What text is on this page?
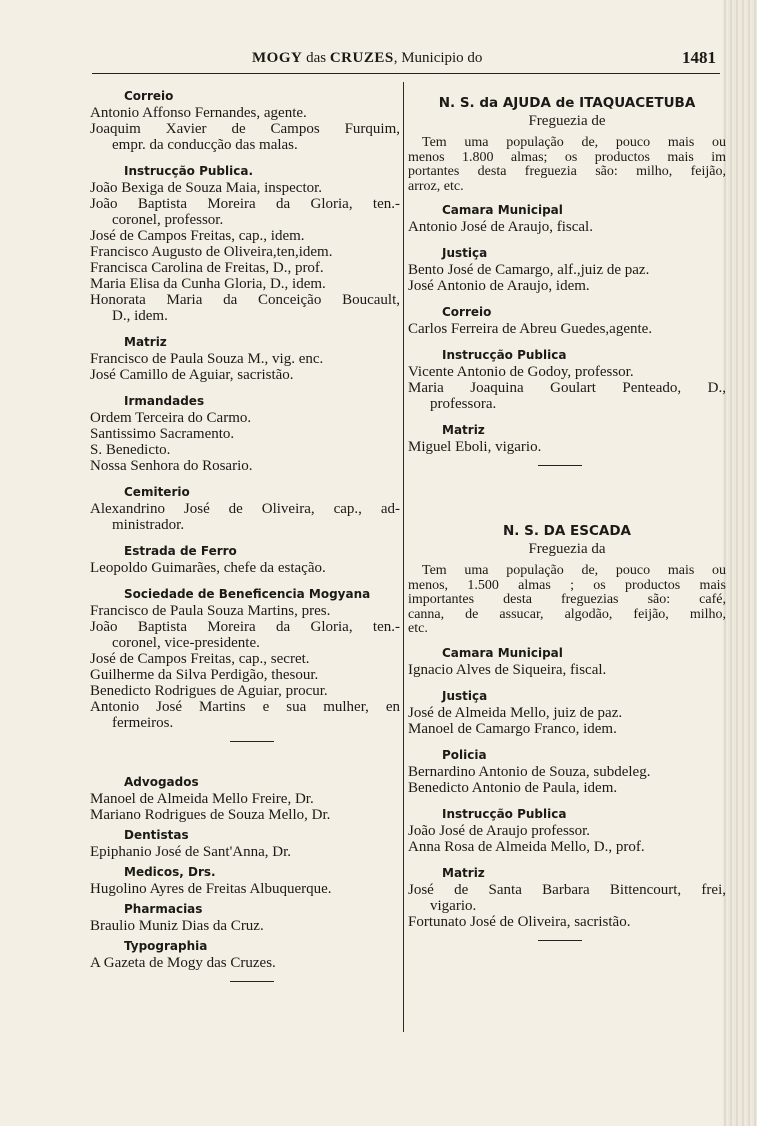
MOGY das CRUZES, Municipio do	1481
Correio
Antonio Affonso Fernandes, agente.
Joaquim Xavier de Campos Furquim,
empr. da conducção das malas.
Instrucção Publica.
João Bexiga de Souza Maia, inspector.
João Baptista Moreira da Gloria, ten.-
coronel, professor.
José de Campos Freitas, cap., idem.
Francisco Augusto de Oliveira,ten,idem.
Francisca Carolina de Freitas, D., prof.
Maria Elisa da Cunha Gloria, D., idem.
Honorata Maria da Concеição Boucault,
D., idem.
Matriz
Francisco de Paula Souza M., vig. enc.
José Camillo de Aguiar, sacristão.
Irmandades
Ordem Terceira do Carmo.
Santissimo Sacramento.
S. Benedicto.
Nossa Senhora do Rosario.
Cemiterio
Alexandrino José de Oliveira, cap., ad-
ministrador.
Estrada de Ferro
Leopoldo Guimarães, chefe da estação.
Sociedade de Beneficencia Mogyana
Francisco de Paula Souza Martins, pres.
João Baptista Moreira da Gloria, ten.-
coronel, vice-presidente.
José de Campos Freitas, cap., secret.
Guilherme da Silva Perdigão, thesour.
Benedicto Rodrigues de Aguiar, procur.
Antonio José Martins e sua mulher, en
fermeiros.
Advogados
Manoel de Almeida Mello Freire, Dr.
Mariano Rodrigues de Souza Mello, Dr.
Dentistas
Epiphanio José de Sant'Anna, Dr.
Medicos, Drs.
Hugolino Ayres de Freitas Albuquerque.
Pharmacias
Braulio Muniz Dias da Cruz.
Typographia
A Gazeta de Mogy das Cruzes.
N. S. da AJUDA de ITAQUACETUBA
Freguezia de
Tem uma população de, pouco mais ou
menos 1.800 almas; os productos mais im
portantes desta freguezia são: milho, feijão,
arroz, etc.
Camara Municipal
Antonio José de Araujo, fiscal.
Justiça
Bento José de Camargo, alf.,juiz de paz.
José Antonio de Araujo, idem.
Correio
Carlos Ferreira de Abreu Guedes,agente.
Instrucção Publica
Vicente Antonio de Godoy, professor.
Maria Joaquina Goulart Penteado, D.,
professora.
Matriz
Miguel Eboli, vigario.
N. S. DA ESCADA
Freguezia da
Tem uma população de, pouco mais ou
menos, 1.500 almas ; os productos mais
importantes desta freguezias são: café,
canna, de assucar, algodão, feijão, milho,
etc.
Camara Municipal
Ignacio Alves de Siqueira, fiscal.
Justiça
José de Almeida Mello, juiz de paz.
Manoel de Camargo Franco, idem.
Policia
Bernardino Antonio de Souza, subdeleg.
Benedicto Antonio de Paula, idem.
Instrucção Publica
João José de Araujo professor.
Anna Rosa de Almeida Mello, D., prof.
Matriz
José de Santa Barbara Bittencourt, frei,
vigario.
Fortunato José de Oliveira, sacristão.
